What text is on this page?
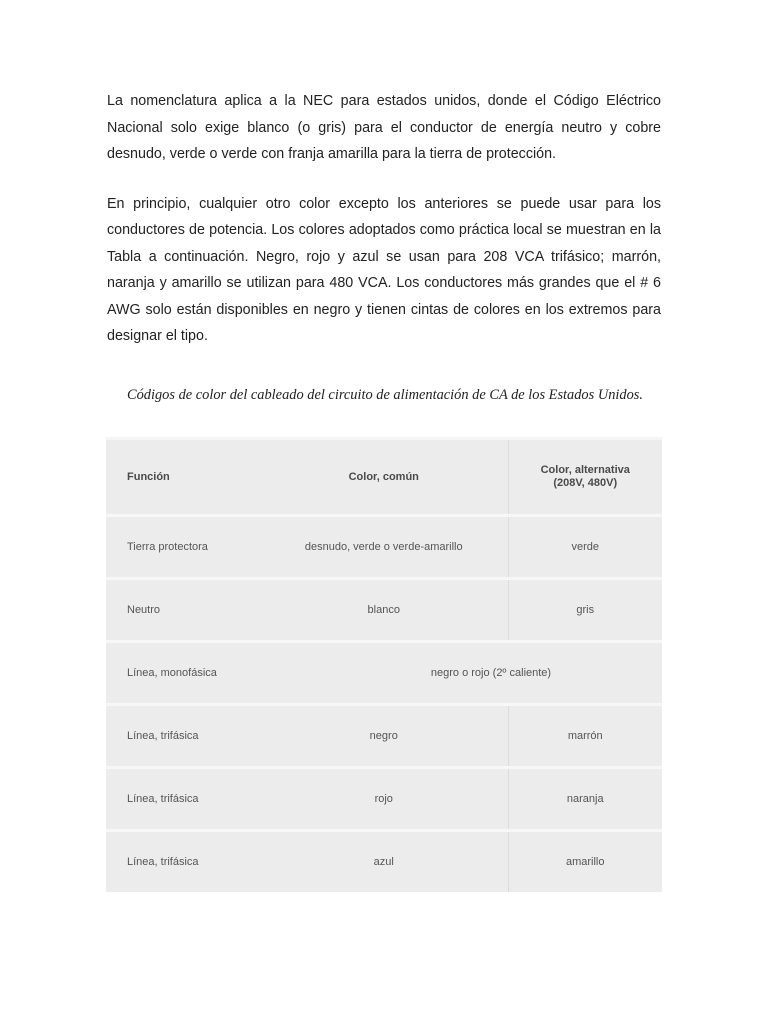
La nomenclatura aplica a la NEC para estados unidos, donde el Código Eléctrico Nacional solo exige blanco (o gris) para el conductor de energía neutro y cobre desnudo, verde o verde con franja amarilla para la tierra de protección.

En principio, cualquier otro color excepto los anteriores se puede usar para los conductores de potencia. Los colores adoptados como práctica local se muestran en la Tabla a continuación. Negro, rojo y azul se usan para 208 VCA trifásico; marrón, naranja y amarillo se utilizan para 480 VCA. Los conductores más grandes que el # 6 AWG solo están disponibles en negro y tienen cintas de colores en los extremos para designar el tipo.

Códigos de color del cableado del circuito de alimentación de CA de los Estados Unidos.

Función	Color, común	Color, alternativa (208V, 480V)
Tierra protectora	desnudo, verde o verde-amarillo	verde
Neutro	blanco	gris
Línea, monofásica	negro o rojo (2º caliente)	
Línea, trifásica	negro	marrón
Línea, trifásica	rojo	naranja
Línea, trifásica	azul	amarillo
